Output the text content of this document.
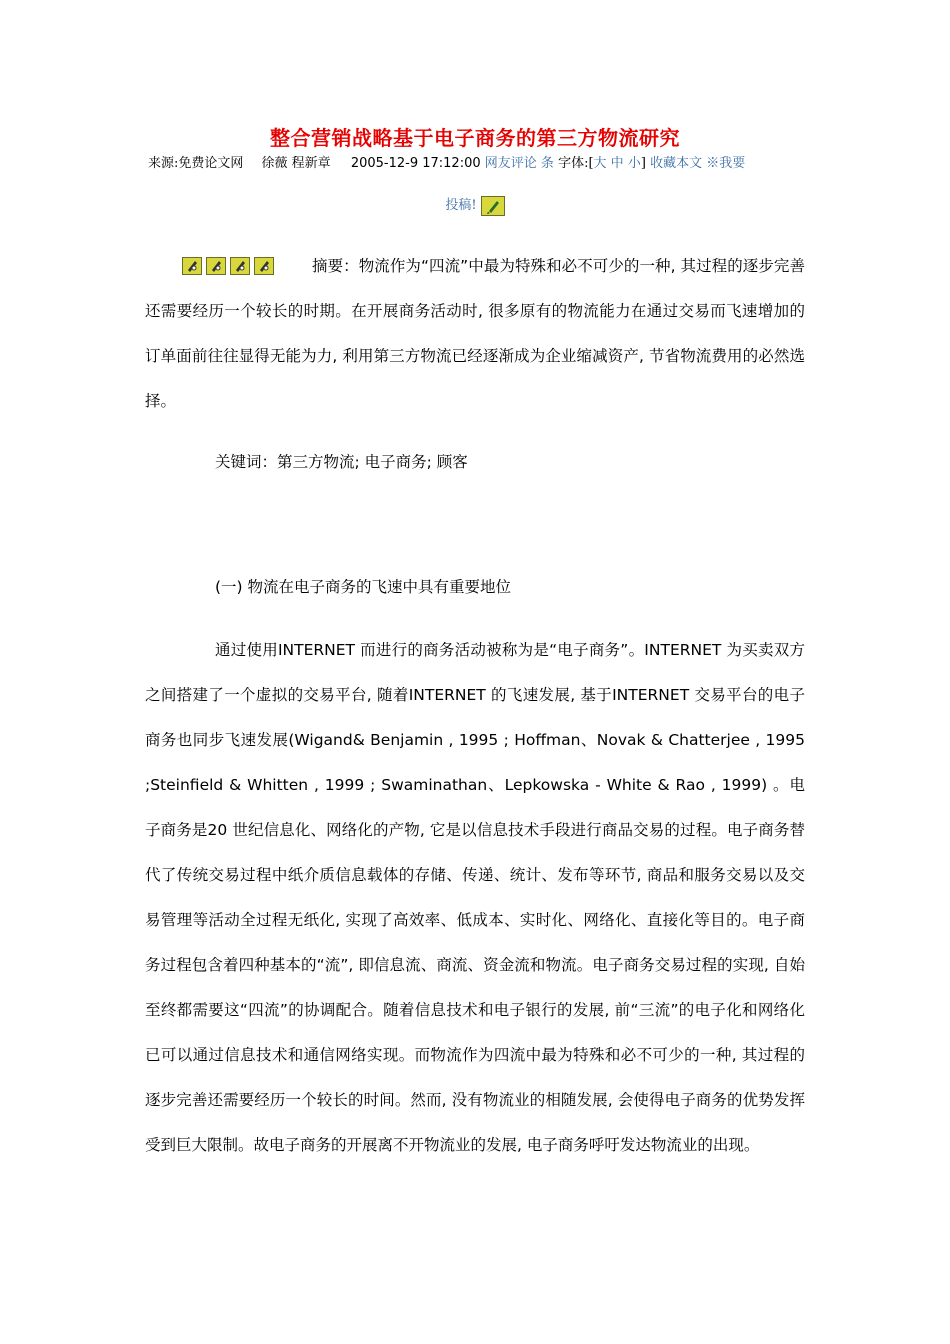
整合营销战略基于电子商务的第三方物流研究
来源:免费论文网 徐薇 程新章 2005-12-9 17:12:00 网友评论 条 字体:[大 中 小] 收藏本文 ※我要
投稿!

摘要：物流作为“四流”中最为特殊和必不可少的一种, 其过程的逐步完善还需要经历一个较长的时期。在开展商务活动时, 很多原有的物流能力在通过交易而飞速增加的订单面前往往显得无能为力, 利用第三方物流已经逐渐成为企业缩减资产, 节省物流费用的必然选择。

关键词：第三方物流; 电子商务; 顾客

(一) 物流在电子商务的飞速中具有重要地位

通过使用INTERNET 而进行的商务活动被称为是“电子商务”。INTERNET 为买卖双方之间搭建了一个虚拟的交易平台, 随着INTERNET 的飞速发展, 基于INTERNET 交易平台的电子商务也同步飞速发展(Wigand& Benjamin , 1995 ; Hoffman、Novak & Chatterjee , 1995 ;Steinfield & Whitten , 1999 ; Swaminathan、Lepkowska - White & Rao , 1999) 。电子商务是20 世纪信息化、网络化的产物, 它是以信息技术手段进行商品交易的过程。电子商务替代了传统交易过程中纸介质信息载体的存储、传递、统计、发布等环节, 商品和服务交易以及交易管理等活动全过程无纸化, 实现了高效率、低成本、实时化、网络化、直接化等目的。电子商务过程包含着四种基本的“流”, 即信息流、商流、资金流和物流。电子商务交易过程的实现, 自始至终都需要这“四流”的协调配合。随着信息技术和电子银行的发展, 前“三流”的电子化和网络化已可以通过信息技术和通信网络实现。而物流作为四流中最为特殊和必不可少的一种, 其过程的逐步完善还需要经历一个较长的时间。然而, 没有物流业的相随发展, 会使得电子商务的优势发挥受到巨大限制。故电子商务的开展离不开物流业的发展, 电子商务呼吁发达物流业的出现。
